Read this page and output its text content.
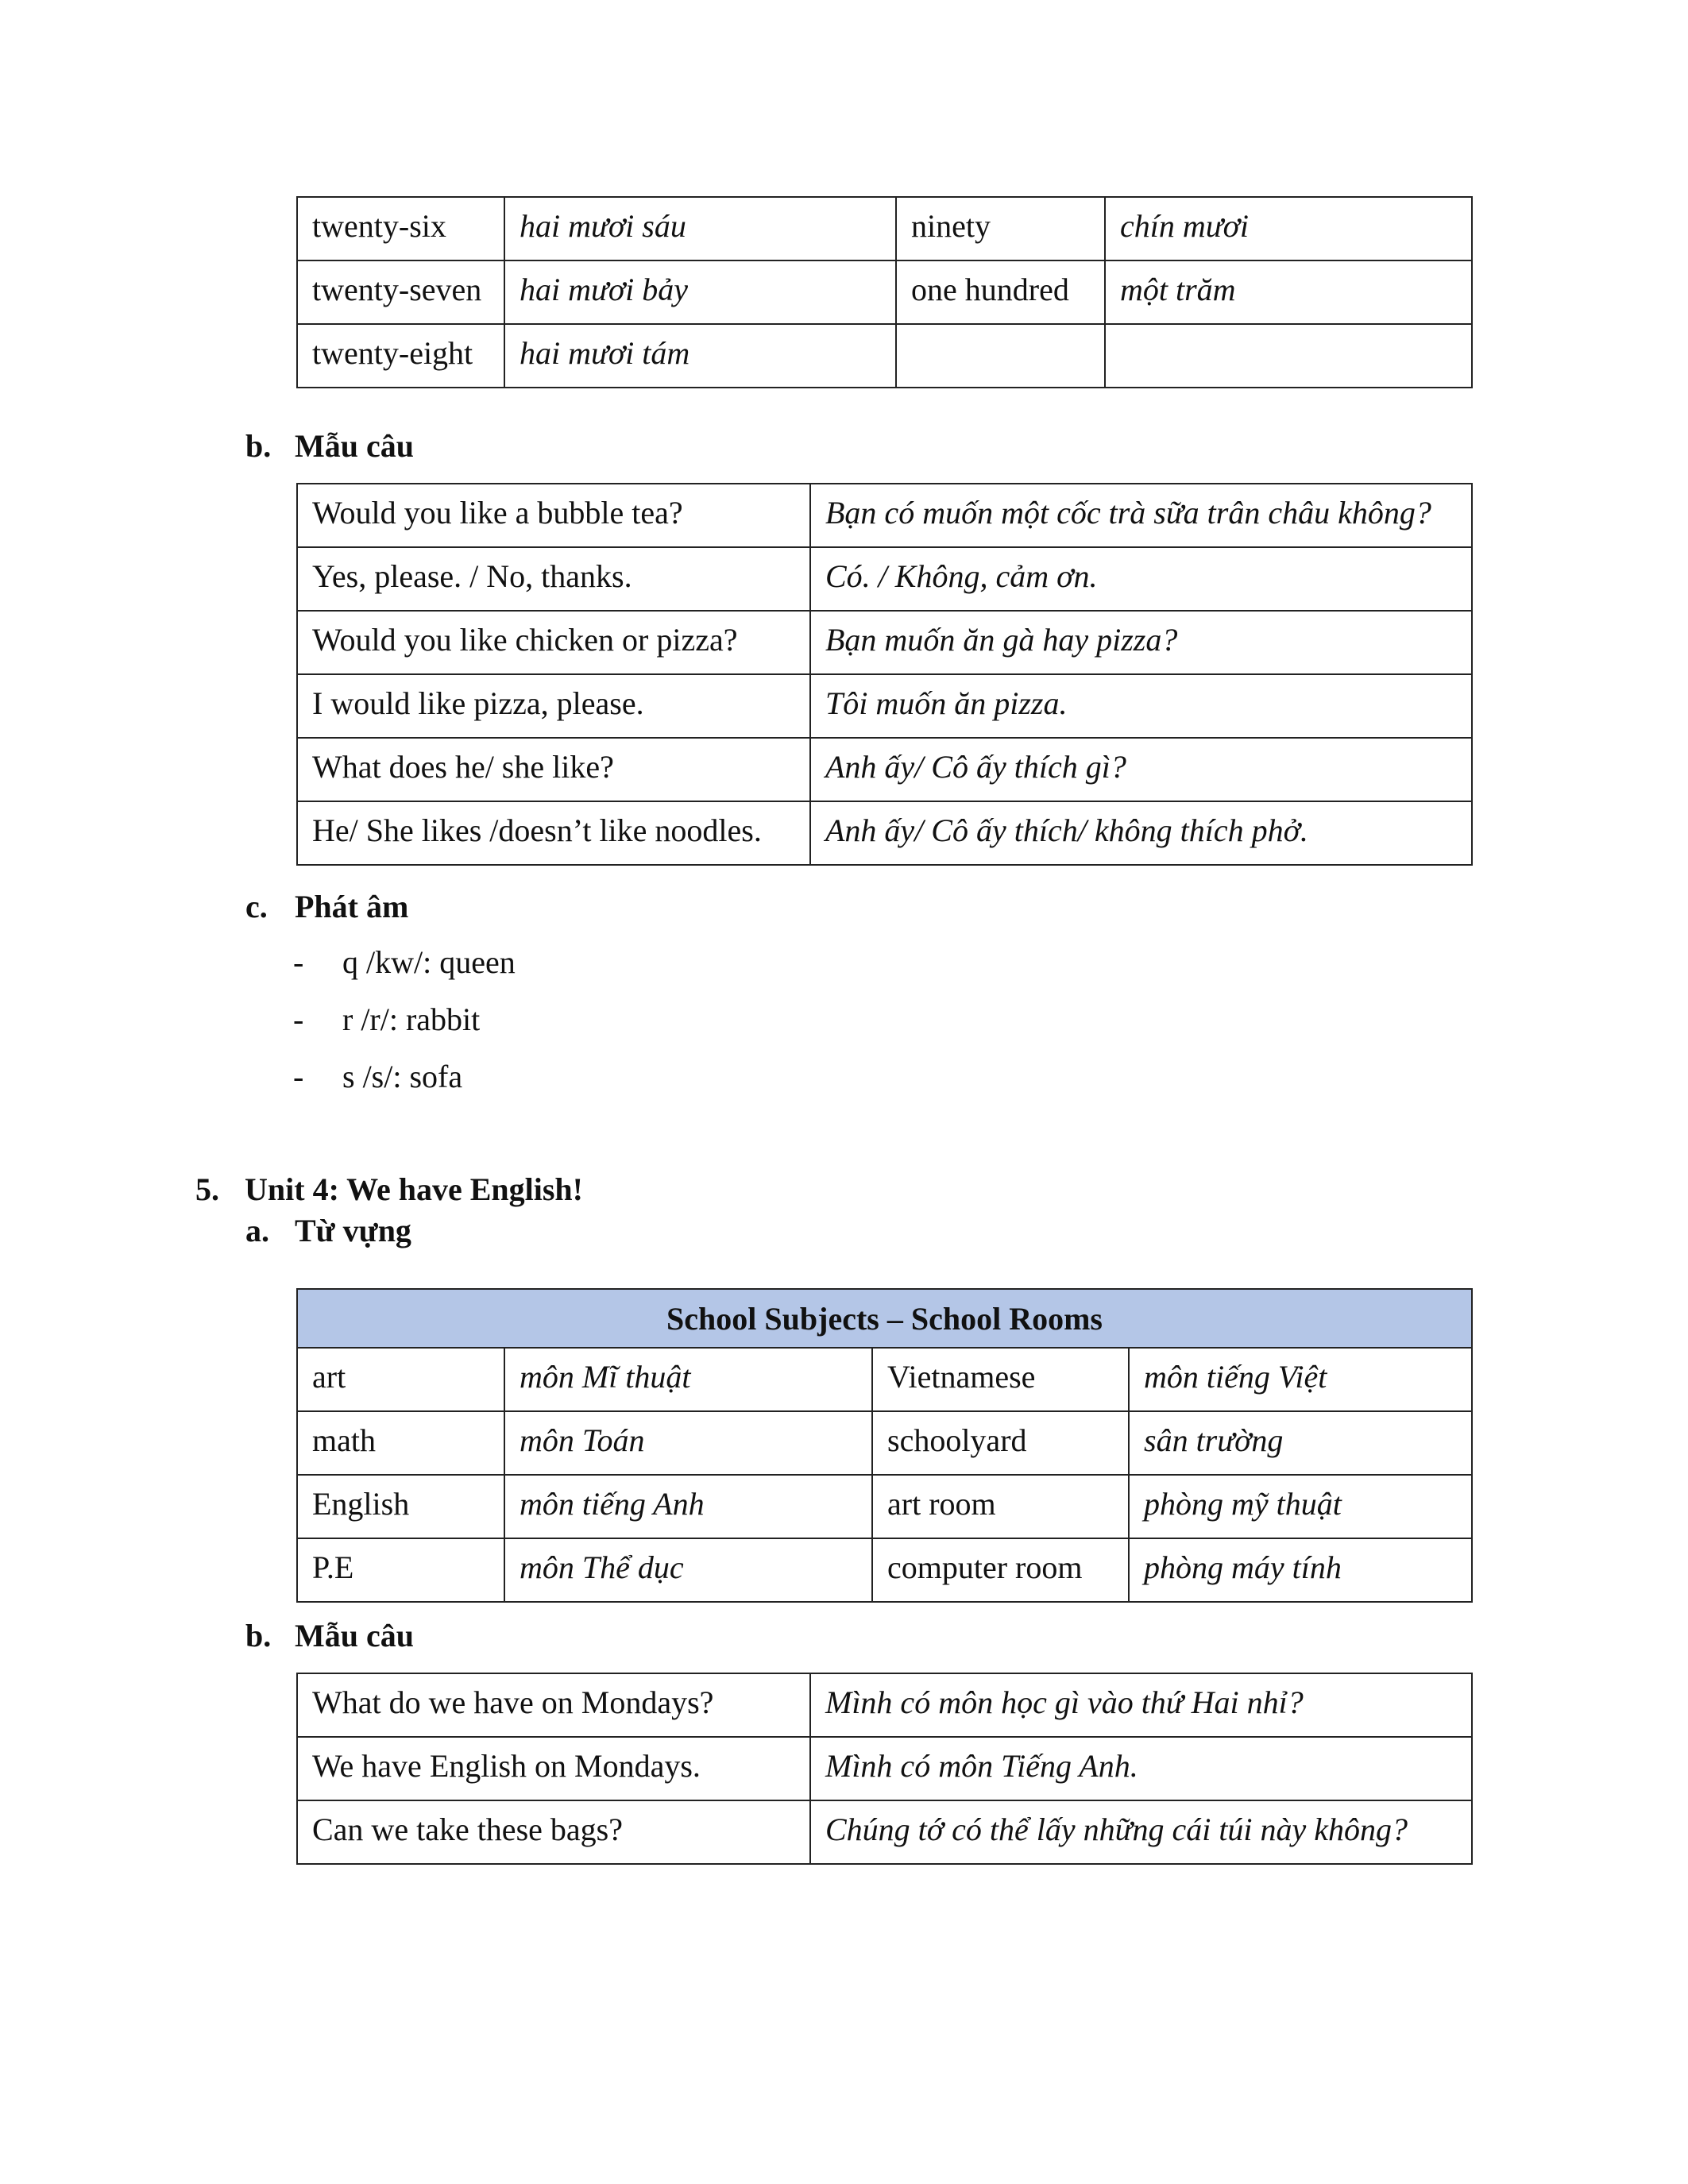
twenty-six	hai mươi sáu	ninety	chín mươi
twenty-seven	hai mươi bảy	one hundred	một trăm
twenty-eight	hai mươi tám		
b. Mẫu câu
Would you like a bubble tea?	Bạn có muốn một cốc trà sữa trân châu không?
Yes, please. / No, thanks.	Có. / Không, cảm ơn.
Would you like chicken or pizza?	Bạn muốn ăn gà hay pizza?
I would like pizza, please.	Tôi muốn ăn pizza.
What does he/ she like?	Anh ấy/ Cô ấy thích gì?
He/ She likes /doesn’t like noodles.	Anh ấy/ Cô ấy thích/ không thích phở.
c. Phát âm
- q /kw/: queen
- r /r/: rabbit
- s /s/: sofa
5. Unit 4: We have English!
a. Từ vựng
School Subjects – School Rooms			
art	môn Mĩ thuật	Vietnamese	môn tiếng Việt
math	môn Toán	schoolyard	sân trường
English	môn tiếng Anh	art room	phòng mỹ thuật
P.E	môn Thể dục	computer room	phòng máy tính
b. Mẫu câu
What do we have on Mondays?	Mình có môn học gì vào thứ Hai nhỉ?
We have English on Mondays.	Mình có môn Tiếng Anh.
Can we take these bags?	Chúng tớ có thể lấy những cái túi này không?
